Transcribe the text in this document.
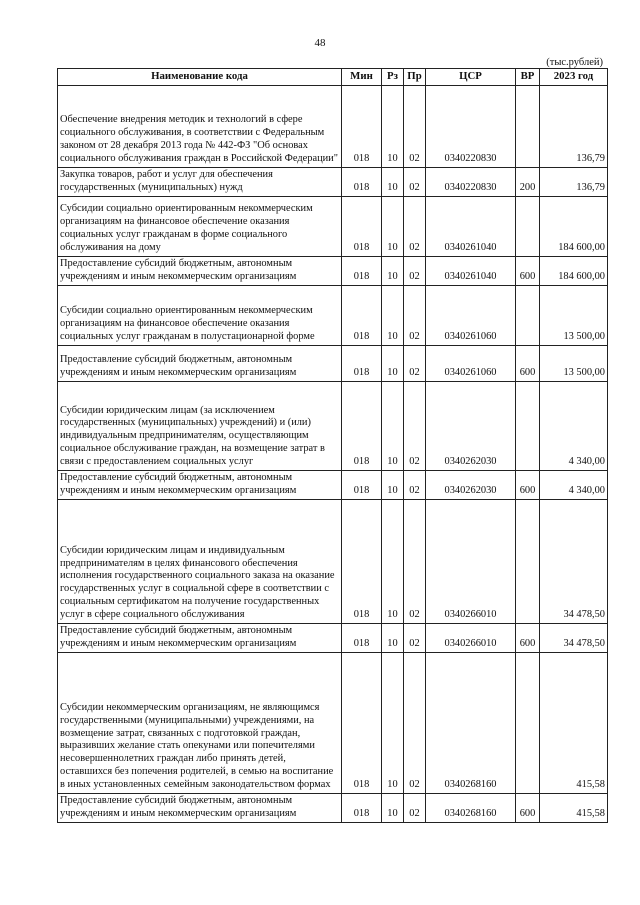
48
(тыс.рублей)
Наименование кода	Мин	Рз	Пр	ЦСР	ВР	2023 год
Обеспечение внедрения методик и технологий в сфере социального обслуживания, в соответствии с Федеральным законом от 28 декабря 2013 года № 442-ФЗ "Об основах социального обслуживания граждан в Российской Федерации"	018	10	02	0340220830		136,79
Закупка товаров, работ и услуг для обеспечения государственных (муниципальных) нужд	018	10	02	0340220830	200	136,79
Субсидии социально ориентированным некоммерческим организациям на финансовое обеспечение оказания социальных услуг гражданам в форме социального обслуживания на дому	018	10	02	0340261040		184 600,00
Предоставление субсидий бюджетным, автономным учреждениям и иным некоммерческим организациям	018	10	02	0340261040	600	184 600,00
Субсидии социально ориентированным некоммерческим организациям на финансовое обеспечение оказания социальных услуг гражданам в полустационарной форме	018	10	02	0340261060		13 500,00
Предоставление субсидий бюджетным, автономным учреждениям и иным некоммерческим организациям	018	10	02	0340261060	600	13 500,00
Субсидии юридическим лицам (за исключением государственных (муниципальных) учреждений) и (или) индивидуальным предпринимателям, осуществляющим социальное обслуживание граждан, на возмещение затрат в связи с предоставлением социальных услуг	018	10	02	0340262030		4 340,00
Предоставление субсидий бюджетным, автономным учреждениям и иным некоммерческим организациям	018	10	02	0340262030	600	4 340,00
Субсидии юридическим лицам и индивидуальным предпринимателям в целях финансового обеспечения исполнения государственного социального заказа на оказание государственных услуг в социальной сфере в соответствии с социальным сертификатом на получение государственных услуг в сфере социального обслуживания	018	10	02	0340266010		34 478,50
Предоставление субсидий бюджетным, автономным учреждениям и иным некоммерческим организациям	018	10	02	0340266010	600	34 478,50
Субсидии некоммерческим организациям, не являющимся государственными (муниципальными) учреждениями, на возмещение затрат, связанных с подготовкой граждан, выразивших желание стать опекунами или попечителями несовершеннолетних граждан либо принять детей, оставшихся без попечения родителей, в семью на воспитание в иных установленных семейным законодательством формах	018	10	02	0340268160		415,58
Предоставление субсидий бюджетным, автономным учреждениям и иным некоммерческим организациям	018	10	02	0340268160	600	415,58
